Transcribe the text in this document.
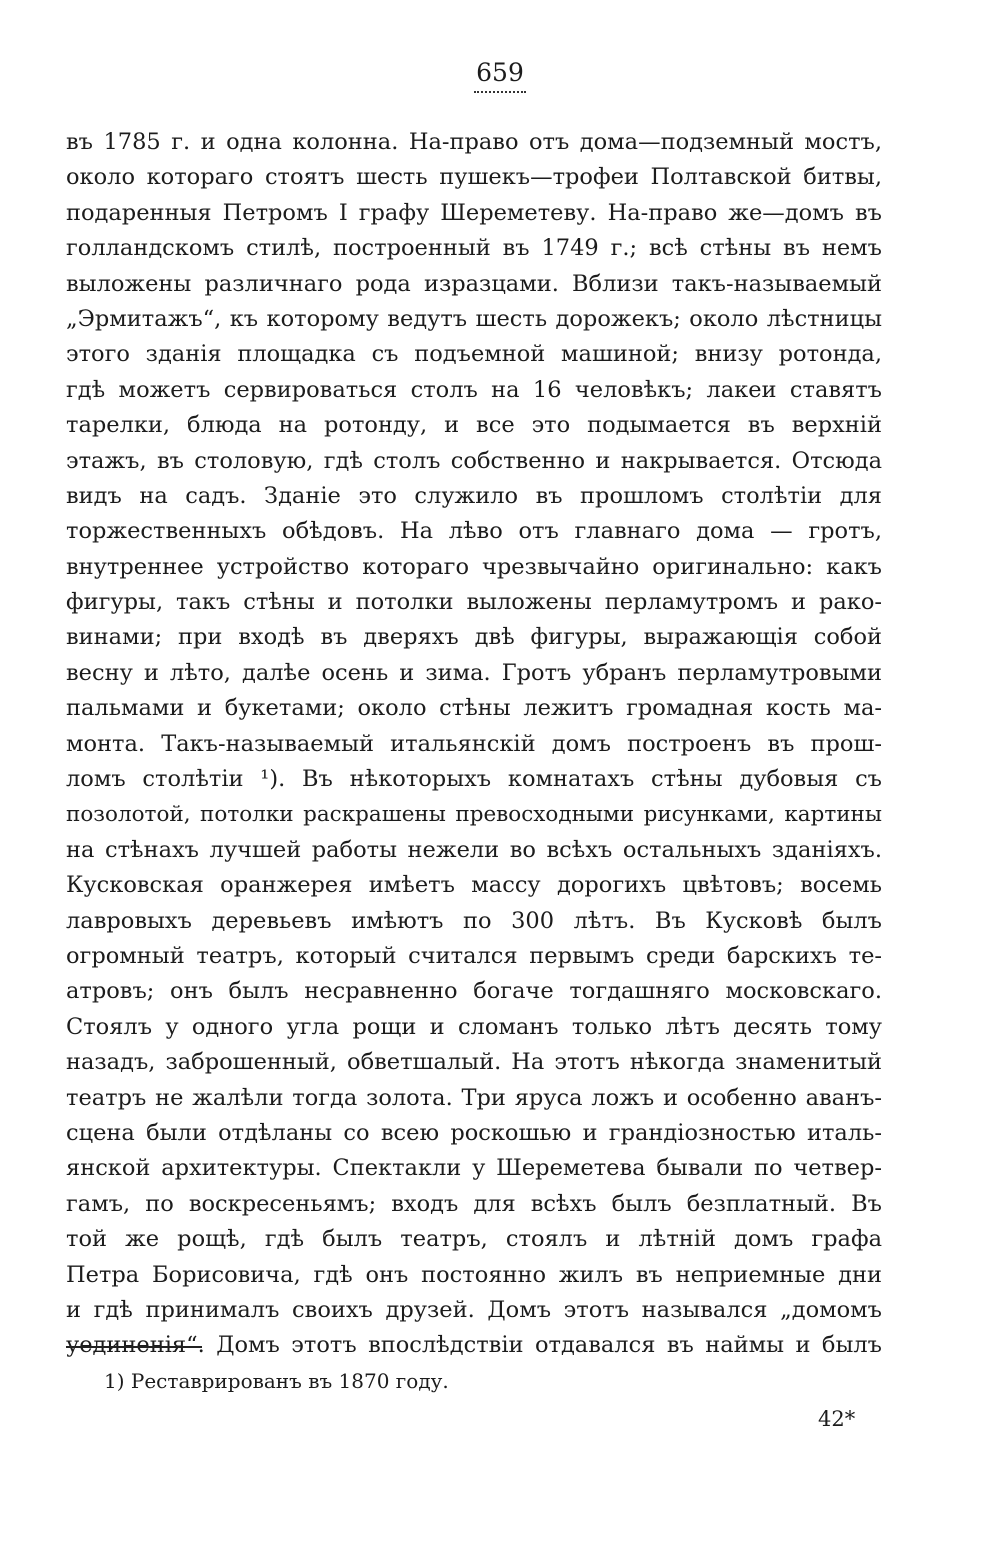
659
въ 1785 г. и одна колонна. На-право отъ дома—подземный мостъ,
около котораго стоятъ шесть пушекъ—трофеи Полтавской битвы,
подаренныя Петромъ I графу Шереметеву. На-право же—домъ въ
голландскомъ стилѣ, построенный въ 1749 г.; всѣ стѣны въ немъ
выложены различнаго рода изразцами. Вблизи такъ-называемый
„Эрмитажъ“, къ которому ведутъ шесть дорожекъ; около лѣстницы
этого зданія площадка съ подъемной машиной; внизу ротонда,
гдѣ можетъ сервироваться столъ на 16 человѣкъ; лакеи ставятъ
тарелки, блюда на ротонду, и все это подымается въ верхній
этажъ, въ столовую, гдѣ столъ собственно и накрывается. Отсюда
видъ на садъ. Зданіе это служило въ прошломъ столѣтіи для
торжественныхъ обѣдовъ. На лѣво отъ главнаго дома — гротъ,
внутреннее устройство котораго чрезвычайно оригинально: какъ
фигуры, такъ стѣны и потолки выложены перламутромъ и рако-
винами; при входѣ въ дверяхъ двѣ фигуры, выражающія собой
весну и лѣто, далѣе осень и зима. Гротъ убранъ перламутровыми
пальмами и букетами; около стѣны лежитъ громадная кость ма-
монта. Такъ-называемый итальянскій домъ построенъ въ прош-
ломъ столѣтіи ¹). Въ нѣкоторыхъ комнатахъ стѣны дубовыя съ
позолотой, потолки раскрашены превосходными рисунками, картины
на стѣнахъ лучшей работы нежели во всѣхъ остальныхъ зданіяхъ.
Кусковская оранжерея имѣетъ массу дорогихъ цвѣтовъ; восемь
лавровыхъ деревьевъ имѣютъ по 300 лѣтъ. Въ Кусковѣ былъ
огромный театръ, который считался первымъ среди барскихъ те-
атровъ; онъ былъ несравненно богаче тогдашняго московскаго.
Стоялъ у одного угла рощи и сломанъ только лѣтъ десять тому
назадъ, заброшенный, обветшалый. На этотъ нѣкогда знаменитый
театръ не жалѣли тогда золота. Три яруса ложъ и особенно аванъ-
сцена были отдѣланы со всею роскошью и грандіозностью италь-
янской архитектуры. Спектакли у Шереметева бывали по четвер-
гамъ, по воскресеньямъ; входъ для всѣхъ былъ безплатный. Въ
той же рощѣ, гдѣ былъ театръ, стоялъ и лѣтній домъ графа
Петра Борисовича, гдѣ онъ постоянно жилъ въ неприемные дни
и гдѣ принималъ своихъ друзей. Домъ этотъ назывался „домомъ
уединенія“. Домъ этотъ впослѣдствіи отдавался въ наймы и былъ
1) Реставрированъ въ 1870 году.
42*
